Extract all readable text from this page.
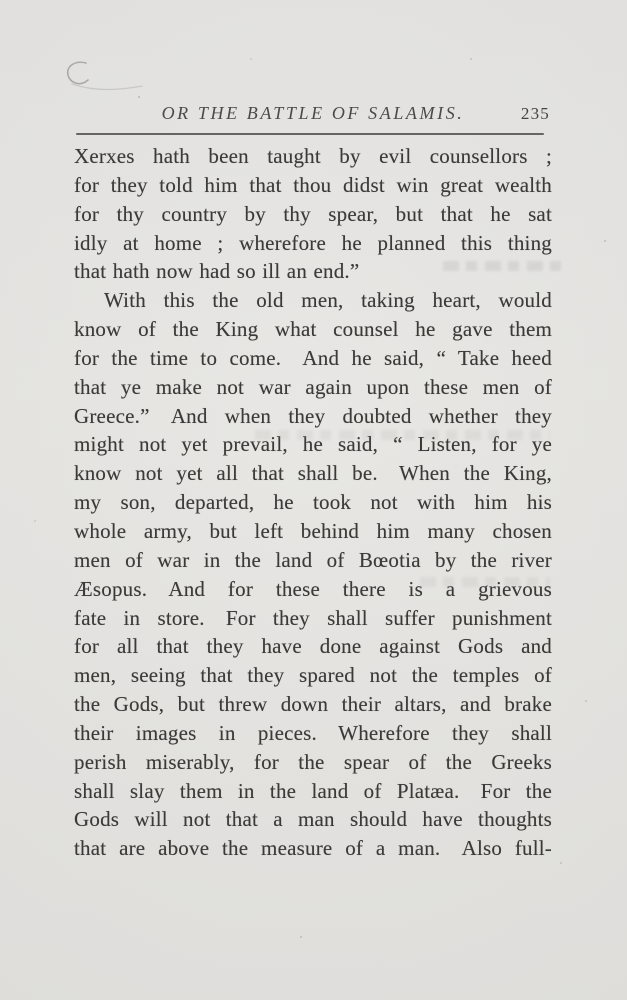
OR THE BATTLE OF SALAMIS.	235
Xerxes hath been taught by evil counsellors ;
for they told him that thou didst win great wealth
for thy country by thy spear, but that he sat
idly at home ; wherefore he planned this thing
that hath now had so ill an end.”
With this the old men, taking heart, would
know of the King what counsel he gave them
for the time to come. And he said, “ Take heed
that ye make not war again upon these men of
Greece.” And when they doubted whether they
might not yet prevail, he said, “ Listen, for ye
know not yet all that shall be. When the King,
my son, departed, he took not with him his
whole army, but left behind him many chosen
men of war in the land of Bœotia by the river
Æsopus. And for these there is a grievous
fate in store. For they shall suffer punishment
for all that they have done against Gods and
men, seeing that they spared not the temples of
the Gods, but threw down their altars, and brake
their images in pieces. Wherefore they shall
perish miserably, for the spear of the Greeks
shall slay them in the land of Platæa. For the
Gods will not that a man should have thoughts
that are above the measure of a man. Also full-
